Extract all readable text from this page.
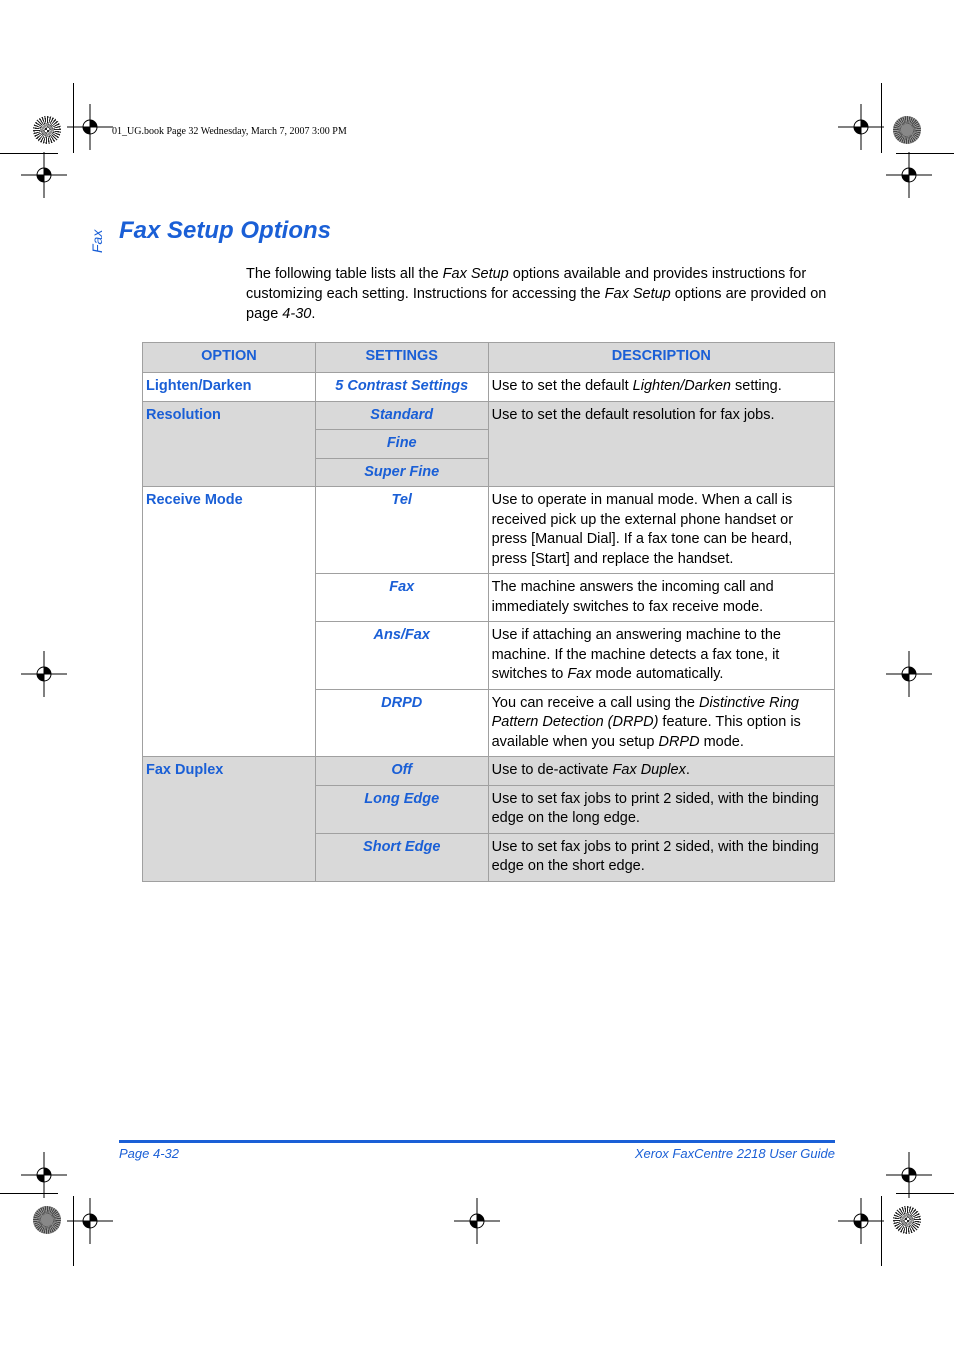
01_UG.book Page 32 Wednesday, March 7, 2007 3:00 PM
Fax Fax Setup Options
The following table lists all the Fax Setup options available and provides instructions for customizing each setting. Instructions for accessing the Fax Setup options are provided on page 4-30.
OPTION	SETTINGS	DESCRIPTION
Lighten/Darken	5 Contrast Settings	Use to set the default Lighten/Darken setting.
Resolution	Standard	Use to set the default resolution for fax jobs.
	Fine	
	Super Fine	
Receive Mode	Tel	Use to operate in manual mode. When a call is received pick up the external phone handset or press [Manual Dial]. If a fax tone can be heard, press [Start] and replace the handset.
	Fax	The machine answers the incoming call and immediately switches to fax receive mode.
	Ans/Fax	Use if attaching an answering machine to the machine. If the machine detects a fax tone, it switches to Fax mode automatically.
	DRPD	You can receive a call using the Distinctive Ring Pattern Detection (DRPD) feature. This option is available when you setup DRPD mode.
Fax Duplex	Off	Use to de-activate Fax Duplex.
	Long Edge	Use to set fax jobs to print 2 sided, with the binding edge on the long edge.
	Short Edge	Use to set fax jobs to print 2 sided, with the binding edge on the short edge.
Page 4-32	Xerox FaxCentre 2218 User Guide
